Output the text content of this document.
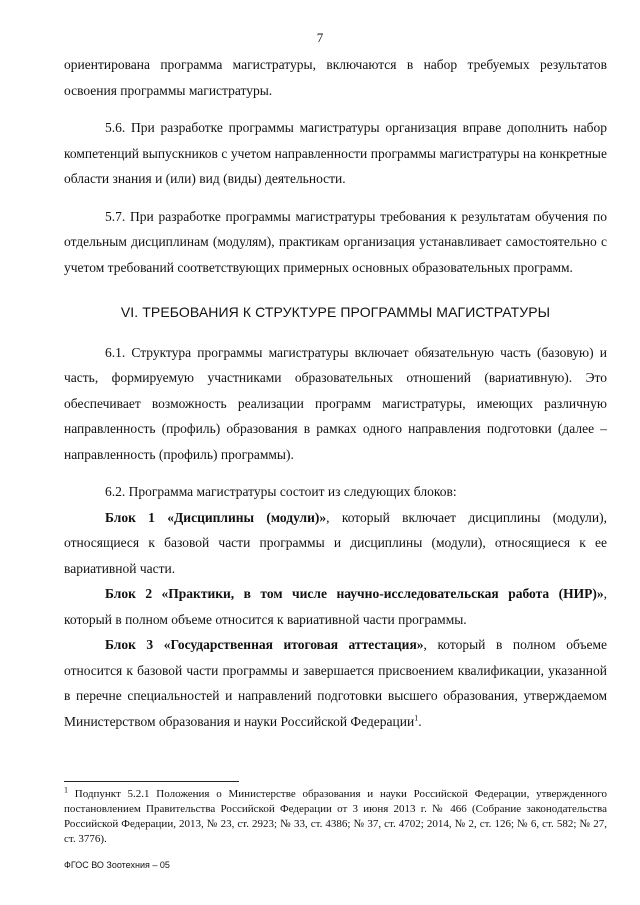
7

ориентирована программа магистратуры, включаются в набор требуемых результатов освоения программы магистратуры.

5.6. При разработке программы магистратуры организация вправе дополнить набор компетенций выпускников с учетом направленности программы магистратуры на конкретные области знания и (или) вид (виды) деятельности.

5.7. При разработке программы магистратуры требования к результатам обучения по отдельным дисциплинам (модулям), практикам организация устанавливает самостоятельно с учетом требований соответствующих примерных основных образовательных программ.

VI. ТРЕБОВАНИЯ К СТРУКТУРЕ ПРОГРАММЫ МАГИСТРАТУРЫ

6.1. Структура программы магистратуры включает обязательную часть (базовую) и часть, формируемую участниками образовательных отношений (вариативную). Это обеспечивает возможность реализации программ магистратуры, имеющих различную направленность (профиль) образования в рамках одного направления подготовки (далее – направленность (профиль) программы).

6.2. Программа магистратуры состоит из следующих блоков:

Блок 1 «Дисциплины (модули)», который включает дисциплины (модули), относящиеся к базовой части программы и дисциплины (модули), относящиеся к ее вариативной части.

Блок 2 «Практики, в том числе научно-исследовательская работа (НИР)», который в полном объеме относится к вариативной части программы.

Блок 3 «Государственная итоговая аттестация», который в полном объеме относится к базовой части программы и завершается присвоением квалификации, указанной в перечне специальностей и направлений подготовки высшего образования, утверждаемом Министерством образования и науки Российской Федерации$^1$.

$^1$ Подпункт 5.2.1 Положения о Министерстве образования и науки Российской Федерации, утвержденного постановлением Правительства Российской Федерации от 3 июня 2013 г. № 466 (Собрание законодательства Российской Федерации, 2013, № 23, ст. 2923; № 33, ст. 4386; № 37, ст. 4702; 2014, № 2, ст. 126; № 6, ст. 582; № 27, ст. 3776).
ФГОС ВО Зоотехния – 05
